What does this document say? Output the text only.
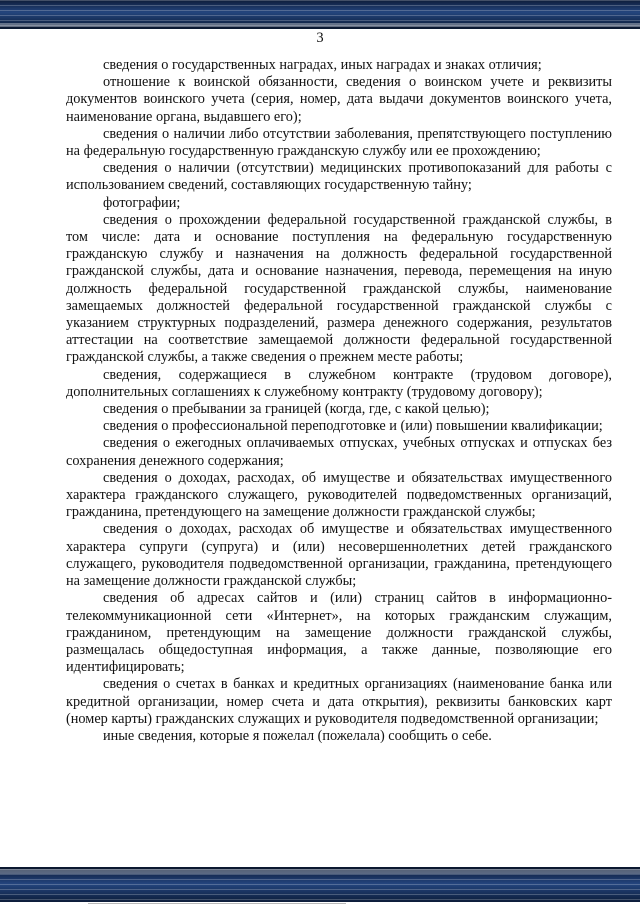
3

сведения о государственных наградах, иных наградах и знаках отличия;

отношение к воинской обязанности, сведения о воинском учете и реквизиты документов воинского учета (серия, номер, дата выдачи документов воинского учета, наименование органа, выдавшего его);

сведения о наличии либо отсутствии заболевания, препятствующего поступлению на федеральную государственную гражданскую службу или ее прохождению;

сведения о наличии (отсутствии) медицинских противопоказаний для работы с использованием сведений, составляющих государственную тайну;

фотографии;

сведения о прохождении федеральной государственной гражданской службы, в том числе: дата и основание поступления на федеральную государственную гражданскую службу и назначения на должность федеральной государственной гражданской службы, дата и основание назначения, перевода, перемещения на иную должность федеральной государственной гражданской службы, наименование замещаемых должностей федеральной государственной гражданской службы с указанием структурных подразделений, размера денежного содержания, результатов аттестации на соответствие замещаемой должности федеральной государственной гражданской службы, а также сведения о прежнем месте работы;

сведения, содержащиеся в служебном контракте (трудовом договоре), дополнительных соглашениях к служебному контракту (трудовому договору);

сведения о пребывании за границей (когда, где, с какой целью);

сведения о профессиональной переподготовке и (или) повышении квалификации;

сведения о ежегодных оплачиваемых отпусках, учебных отпусках и отпусках без сохранения денежного содержания;

сведения о доходах, расходах, об имуществе и обязательствах имущественного характера гражданского служащего, руководителей подведомственных организаций, гражданина, претендующего на замещение должности гражданской службы;

сведения о доходах, расходах об имуществе и обязательствах имущественного характера супруги (супруга) и (или) несовершеннолетних детей гражданского служащего, руководителя подведомственной организации, гражданина, претендующего на замещение должности гражданской службы;

сведения об адресах сайтов и (или) страниц сайтов в информационно-телекоммуникационной сети «Интернет», на которых гражданским служащим, гражданином, претендующим на замещение должности гражданской службы, размещалась общедоступная информация, а также данные, позволяющие его идентифицировать;

сведения о счетах в банках и кредитных организациях (наименование банка или кредитной организации, номер счета и дата открытия), реквизиты банковских карт (номер карты) гражданских служащих и руководителя подведомственной организации;

иные сведения, которые я пожелал (пожелала) сообщить о себе.
